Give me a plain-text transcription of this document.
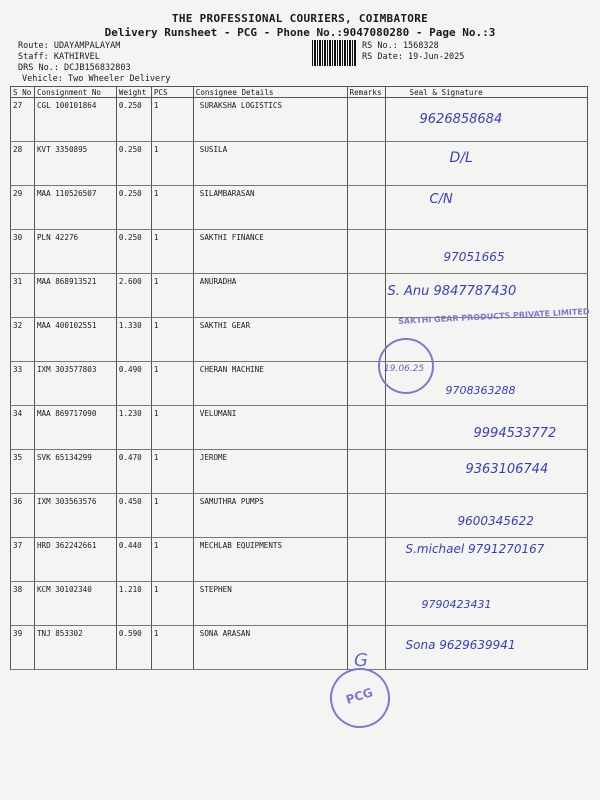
THE PROFESSIONAL COURIERS, COIMBATORE
Delivery Runsheet - PCG - Phone No.:9047080280 - Page No.:3
Route: UDAYAMPALAYAM
Staff: KATHIRVEL
DRS No.: DCJB156832803
Vehicle: Two Wheeler Delivery
RS No.: 1568328
RS Date: 19-Jun-2025
S No	Consignment No	Weight	PCS	Consignee Details	Remarks	Seal & Signature
27	CGL 100101864	0.250	1	SURAKSHA LOGISTICS		9626858684

28	KVT 3350895	0.250	1	SUSILA		D/L

29	MAA 110526507	0.250	1	SILAMBARASAN		C/N

30	PLN 42276	0.250	1	SAKTHI FINANCE		97051665

31	MAA 868913521	2.600	1	ANURADHA		S. Anu 9847787430

32	MAA 400102551	1.330	1	SAKTHI GEAR		
33	IXM 303577803	0.490	1	CHERAN MACHINE		9708363288

34	MAA 869717090	1.230	1	VELUMANI		9994533772

35	SVK 65134299	0.470	1	JEROME		9363106744

36	IXM 303563576	0.450	1	SAMUTHRA PUMPS		9600345622

37	HRD 362242661	0.440	1	MECHLAB EQUIPMENTS		S.michael 9791270167

38	KCM 30102340	1.210	1	STEPHEN		9790423431

39	TNJ 853302	0.590	1	SONA ARASAN		Sona 9629639941
SAKTHI GEAR PRODUCTS PRIVATE LIMITED
19.06.25
PCG
G
